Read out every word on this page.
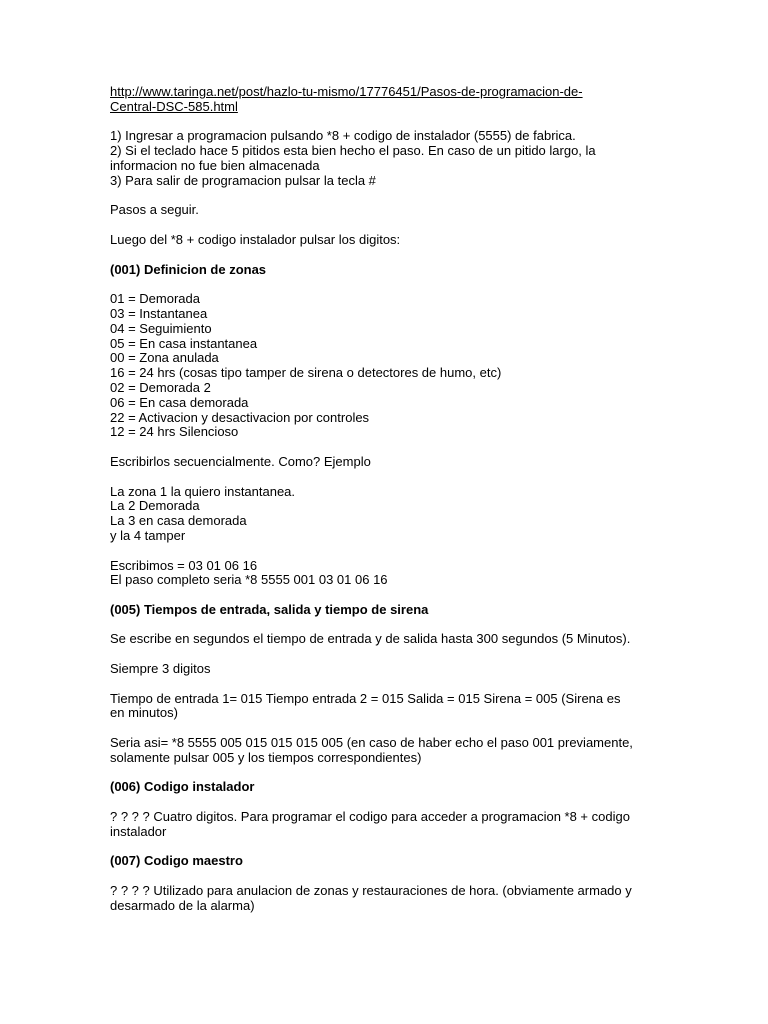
http://www.taringa.net/post/hazlo-tu-mismo/17776451/Pasos-de-programacion-de-
Central-DSC-585.html

1) Ingresar a programacion pulsando *8 + codigo de instalador (5555) de fabrica.
2) Si el teclado hace 5 pitidos esta bien hecho el paso. En caso de un pitido largo, la
informacion no fue bien almacenada
3) Para salir de programacion pulsar la tecla #

Pasos a seguir.

Luego del *8 + codigo instalador pulsar los digitos:

(001) Definicion de zonas

01 = Demorada
03 = Instantanea
04 = Seguimiento
05 = En casa instantanea
00 = Zona anulada
16 = 24 hrs (cosas tipo tamper de sirena o detectores de humo, etc)
02 = Demorada 2
06 = En casa demorada
22 = Activacion y desactivacion por controles
12 = 24 hrs Silencioso

Escribirlos secuencialmente. Como? Ejemplo

La zona 1 la quiero instantanea.
La 2 Demorada
La 3 en casa demorada
y la 4 tamper

Escribimos = 03 01 06 16
El paso completo seria *8 5555 001 03 01 06 16

(005) Tiempos de entrada, salida y tiempo de sirena

Se escribe en segundos el tiempo de entrada y de salida hasta 300 segundos (5 Minutos).

Siempre 3 digitos

Tiempo de entrada 1= 015 Tiempo entrada 2 = 015 Salida = 015 Sirena = 005 (Sirena es
en minutos)

Seria asi= *8 5555 005 015 015 015 005 (en caso de haber echo el paso 001 previamente,
solamente pulsar 005 y los tiempos correspondientes)

(006) Codigo instalador

? ? ? ? Cuatro digitos. Para programar el codigo para acceder a programacion *8 + codigo
instalador

(007) Codigo maestro

? ? ? ? Utilizado para anulacion de zonas y restauraciones de hora. (obviamente armado y
desarmado de la alarma)
